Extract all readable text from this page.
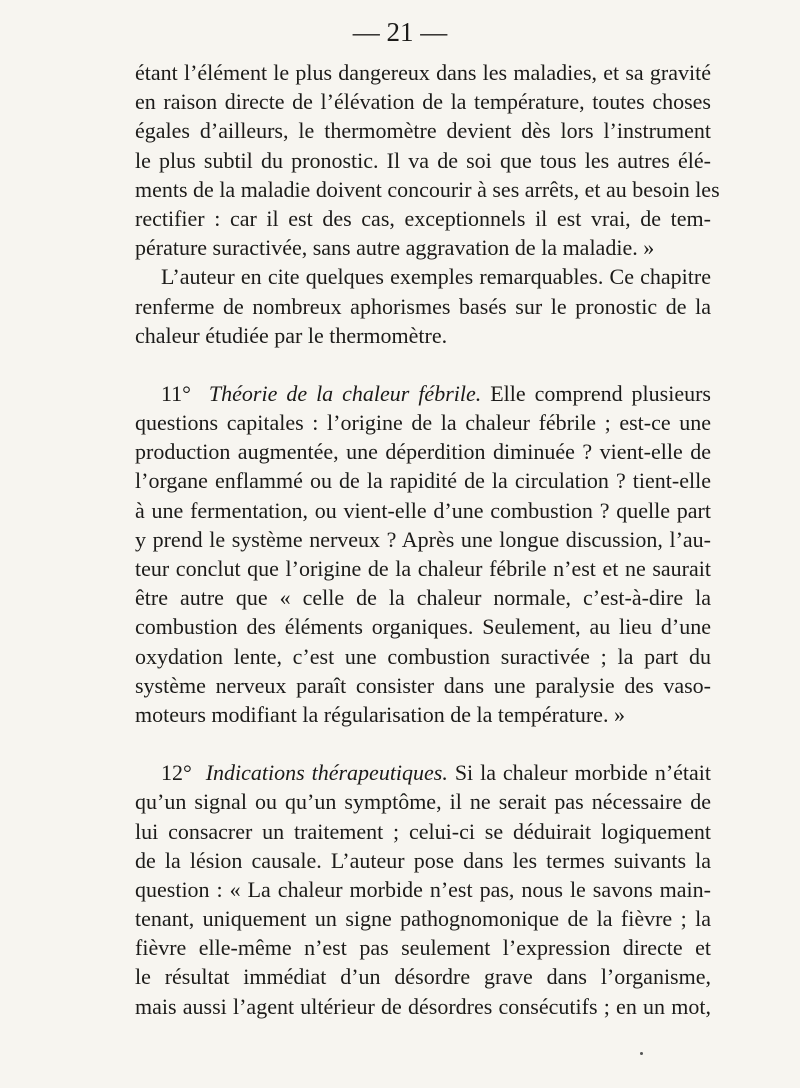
— 21 —
étant l’élément le plus dangereux dans les maladies, et sa gravité
en raison directe de l’élévation de la température, toutes choses
égales d’ailleurs, le thermomètre devient dès lors l’instrument
le plus subtil du pronostic. Il va de soi que tous les autres élé-
ments de la maladie doivent concourir à ses arrêts, et au besoin les
rectifier : car il est des cas, exceptionnels il est vrai, de tem-
pérature suractivée, sans autre aggravation de la maladie. »
L’auteur en cite quelques exemples remarquables. Ce chapitre
renferme de nombreux aphorismes basés sur le pronostic de la
chaleur étudiée par le thermomètre.
11° Théorie de la chaleur fébrile. Elle comprend plusieurs
questions capitales : l’origine de la chaleur fébrile ; est-ce une
production augmentée, une déperdition diminuée ? vient-elle de
l’organe enflammé ou de la rapidité de la circulation ? tient-elle
à une fermentation, ou vient-elle d’une combustion ? quelle part
y prend le système nerveux ? Après une longue discussion, l’au-
teur conclut que l’origine de la chaleur fébrile n’est et ne saurait
être autre que « celle de la chaleur normale, c’est-à-dire la
combustion des éléments organiques. Seulement, au lieu d’une
oxydation lente, c’est une combustion suractivée ; la part du
système nerveux paraît consister dans une paralysie des vaso-
moteurs modifiant la régularisation de la température. »
12° Indications thérapeutiques. Si la chaleur morbide n’était
qu’un signal ou qu’un symptôme, il ne serait pas nécessaire de
lui consacrer un traitement ; celui-ci se déduirait logiquement
de la lésion causale. L’auteur pose dans les termes suivants la
question : « La chaleur morbide n’est pas, nous le savons main-
tenant, uniquement un signe pathognomonique de la fièvre ; la
fièvre elle-même n’est pas seulement l’expression directe et
le résultat immédiat d’un désordre grave dans l’organisme,
mais aussi l’agent ultérieur de désordres consécutifs ; en un mot,
